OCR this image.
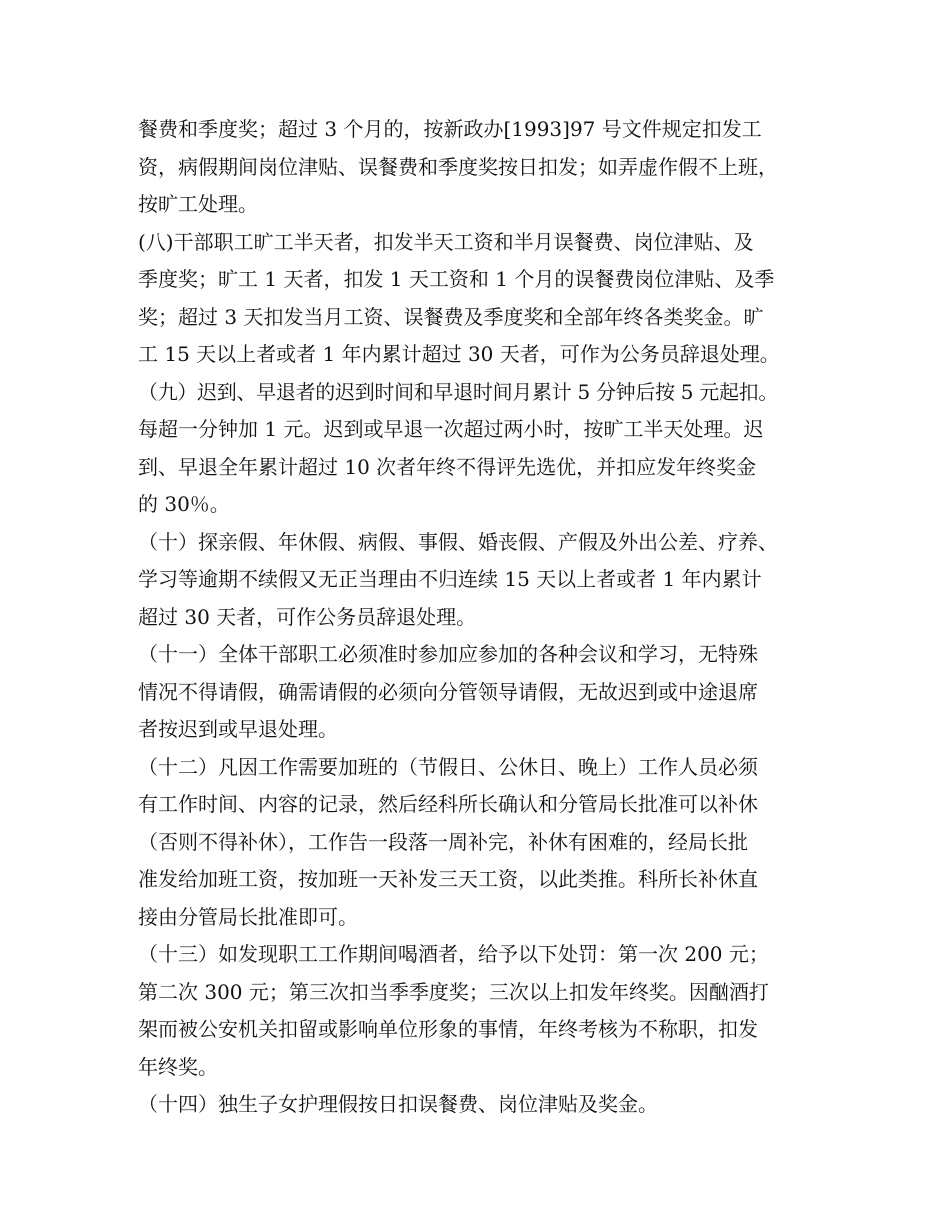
餐费和季度奖；超过 3 个月的，按新政办[1993]97 号文件规定扣发工
资，病假期间岗位津贴、误餐费和季度奖按日扣发；如弄虚作假不上班，
按旷工处理。
(八)干部职工旷工半天者，扣发半天工资和半月误餐费、岗位津贴、及
季度奖；旷工 1 天者，扣发 1 天工资和 1 个月的误餐费岗位津贴、及季
奖；超过 3 天扣发当月工资、误餐费及季度奖和全部年终各类奖金。旷
工 15 天以上者或者 1 年内累计超过 30 天者，可作为公务员辞退处理。
（九）迟到、早退者的迟到时间和早退时间月累计 5 分钟后按 5 元起扣。
每超一分钟加 1 元。迟到或早退一次超过两小时，按旷工半天处理。迟
到、早退全年累计超过 10 次者年终不得评先选优，并扣应发年终奖金
的 30％。
（十）探亲假、年休假、病假、事假、婚丧假、产假及外出公差、疗养、
学习等逾期不续假又无正当理由不归连续 15 天以上者或者 1 年内累计
超过 30 天者，可作公务员辞退处理。
（十一）全体干部职工必须准时参加应参加的各种会议和学习，无特殊
情况不得请假，确需请假的必须向分管领导请假，无故迟到或中途退席
者按迟到或早退处理。
（十二）凡因工作需要加班的（节假日、公休日、晚上）工作人员必须
有工作时间、内容的记录，然后经科所长确认和分管局长批准可以补休
（否则不得补休），工作告一段落一周补完，补休有困难的，经局长批
准发给加班工资，按加班一天补发三天工资，以此类推。科所长补休直
接由分管局长批准即可。
（十三）如发现职工工作期间喝酒者，给予以下处罚：第一次 200 元；
第二次 300 元；第三次扣当季季度奖；三次以上扣发年终奖。因酗酒打
架而被公安机关扣留或影响单位形象的事情，年终考核为不称职，扣发
年终奖。
（十四）独生子女护理假按日扣误餐费、岗位津贴及奖金。
